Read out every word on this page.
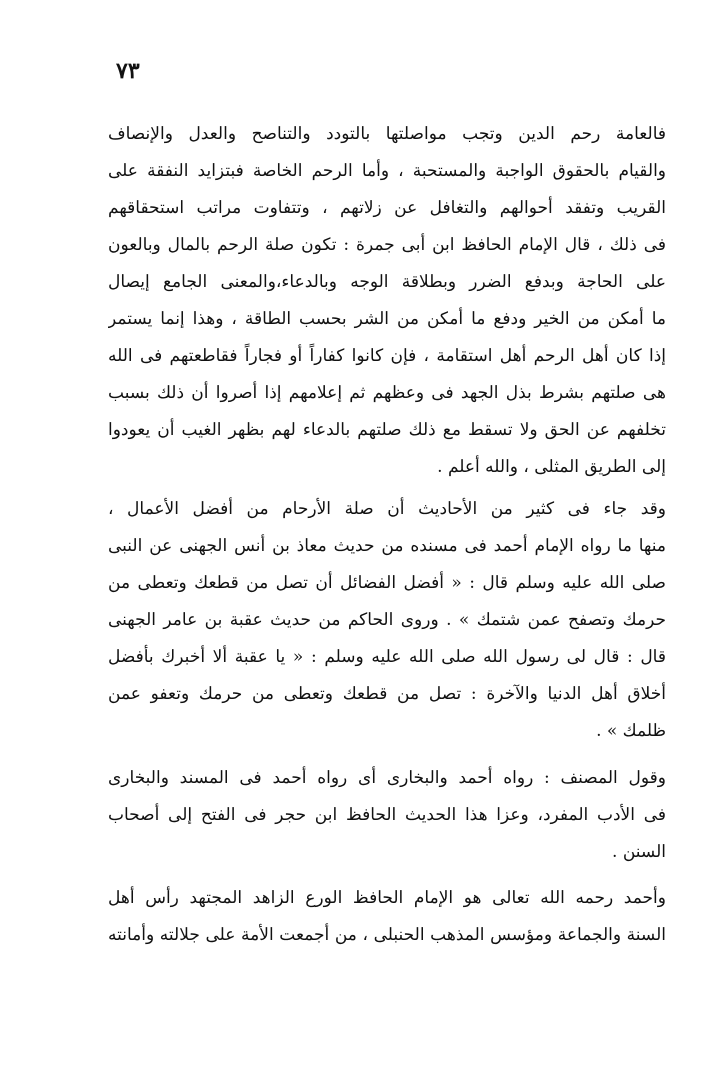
٧٣
فالعامة رحم الدين وتجب مواصلتها بالتودد والتناصح والعدل والإنصاف
والقيام بالحقوق الواجبة والمستحبة ، وأما الرحم الخاصة فبتزايد النفقة على
القريب وتفقد أحوالهم والتغافل عن زلاتهم ، وتتفاوت مراتب استحقاقهم
فى ذلك ، قال الإمام الحافظ ابن أبى جمرة : تكون صلة الرحم بالمال وبالعون
على الحاجة وبدفع الضرر وبطلاقة الوجه وبالدعاء،والمعنى الجامع إيصال
ما أمكن من الخير ودفع ما أمكن من الشر بحسب الطاقة ، وهذا إنما يستمر
إذا كان أهل الرحم أهل استقامة ، فإن كانوا كفاراً أو فجاراً فقاطعتهم فى الله
هى صلتهم بشرط بذل الجهد فى وعظهم ثم إعلامهم إذا أصروا أن ذلك بسبب
تخلفهم عن الحق ولا تسقط مع ذلك صلتهم بالدعاء لهم بظهر الغيب أن يعودوا
إلى الطريق المثلى ، والله أعلم .
وقد جاء فى كثير من الأحاديث أن صلة الأرحام من أفضل الأعمال ،
منها ما رواه الإمام أحمد فى مسنده من حديث معاذ بن أنس الجهنى عن النبى
صلى الله عليه وسلم قال : « أفضل الفضائل أن تصل من قطعك وتعطى من
حرمك وتصفح عمن شتمك » . وروى الحاكم من حديث عقبة بن عامر الجهنى
قال : قال لى رسول الله صلى الله عليه وسلم : « يا عقبة ألا أخبرك بأفضل
أخلاق أهل الدنيا والآخرة : تصل من قطعك وتعطى من حرمك وتعفو عمن
ظلمك » .
وقول المصنف : رواه أحمد والبخارى أى رواه أحمد فى المسند والبخارى
فى الأدب المفرد، وعزا هذا الحديث الحافظ ابن حجر فى الفتح إلى أصحاب
السنن .
وأحمد رحمه الله تعالى هو الإمام الحافظ الورع الزاهد المجتهد رأس أهل
السنة والجماعة ومؤسس المذهب الحنبلى ، من أجمعت الأمة على جلالته وأمانته
